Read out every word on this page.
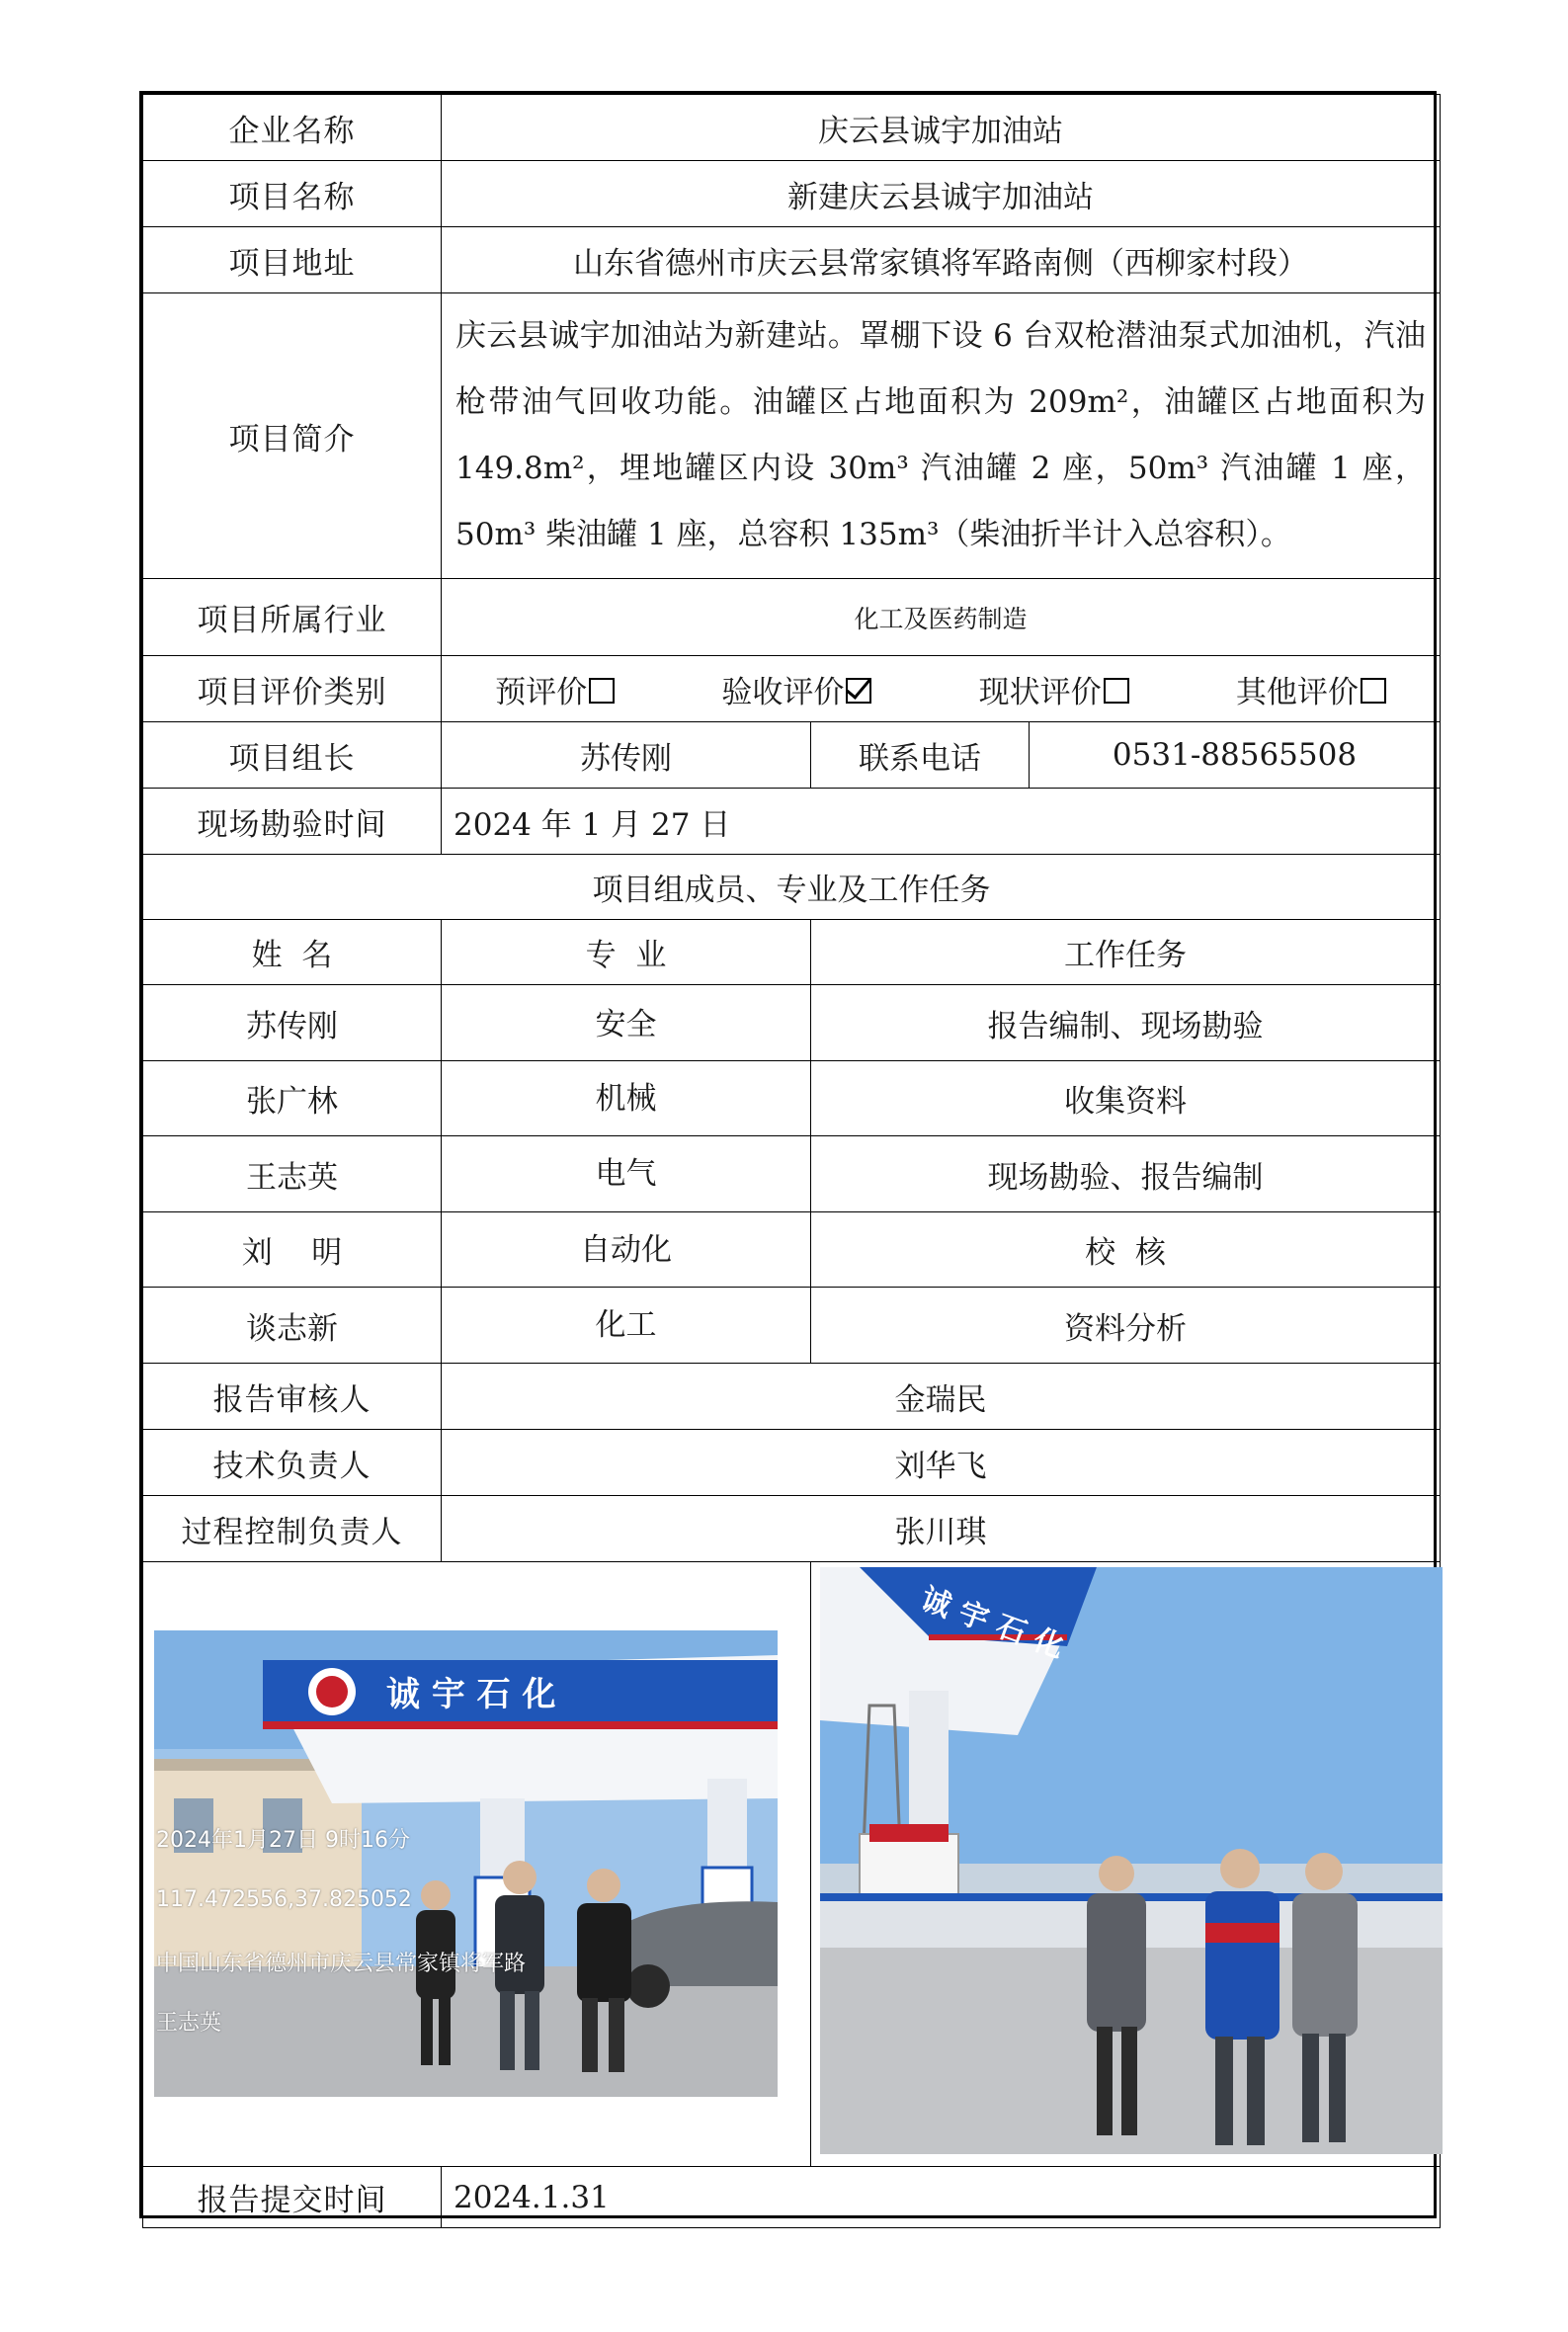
企业名称	庆云县诚宇加油站		
项目名称	新建庆云县诚宇加油站		
项目地址	山东省德州市庆云县常家镇将军路南侧（西柳家村段）		
项目简介	庆云县诚宇加油站为新建站。罩棚下设 6 台双枪潜油泵式加油机，汽油枪带油气回收功能。油罐区占地面积为 209m²，油罐区占地面积为 149.8m²，埋地罐区内设 30m³ 汽油罐 2 座，50m³ 汽油罐 1 座，50m³ 柴油罐 1 座，总容积 135m³（柴油折半计入总容积）。		
项目所属行业	化工及医药制造		
项目评价类别	预评价 验收评价 现状评价 其他评价		

项目组长	苏传刚	联系电话	0531-88565508
现场勘验时间	2024 年 1 月 27 日		
项目组成员、专业及工作任务			
姓  名	专  业	工作任务	
苏传刚	安全	报告编制、现场勘验	
张广林	机械	收集资料	
王志英	电气	现场勘验、报告编制	
刘    明	自动化	校  核	
谈志新	化工	资料分析	
报告审核人	金瑞民		
技术负责人	刘华飞		
过程控制负责人	张川琪		

诚 宇 石 化
2024年1月27日 9时16分
117.472556,37.825052
中国山东省德州市庆云县常家镇将军路
王志英		诚 宇 石 化	

报告提交时间	2024.1.31		
